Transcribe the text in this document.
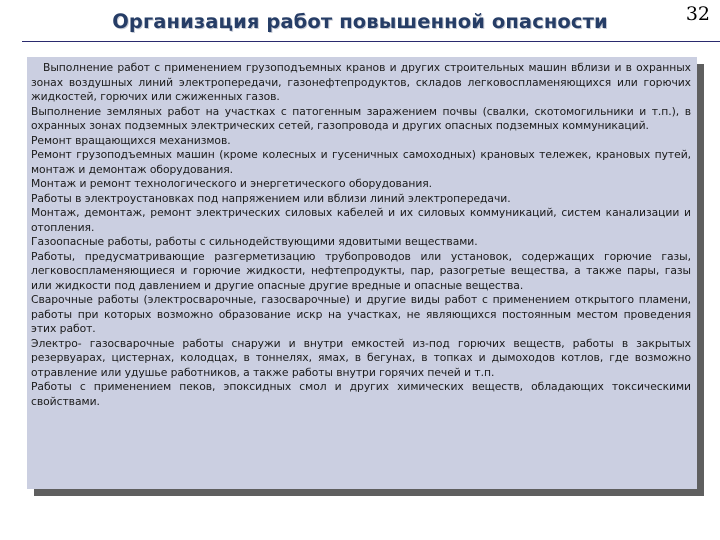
Организация работ повышенной опасности	32

Выполнение работ с применением грузоподъемных кранов и других строительных машин вблизи и в охранных зонах воздушных линий электропередачи, газонефтепродуктов, складов легковоспламеняющихся или горючих жидкостей, горючих или сжиженных газов.

Выполнение земляных работ на участках с патогенным заражением почвы (свалки, скотомогильники и т.п.), в охранных зонах подземных электрических сетей, газопровода и других опасных подземных коммуникаций.

Ремонт вращающихся механизмов.

Ремонт грузоподъемных машин (кроме колесных и гусеничных самоходных) крановых тележек, крановых путей, монтаж и демонтаж оборудования.

Монтаж и ремонт технологического и энергетического оборудования.

Работы в электроустановках под напряжением или вблизи линий электропередачи.

Монтаж, демонтаж, ремонт электрических силовых кабелей и их силовых коммуникаций, систем канализации и отопления.

Газоопасные работы, работы с сильнодействующими ядовитыми веществами.

Работы, предусматривающие разгерметизацию трубопроводов или установок, содержащих горючие газы, легковоспламеняющиеся и горючие жидкости, нефтепродукты, пар, разогретые вещества, а также пары, газы или жидкости под давлением и другие опасные другие вредные и опасные вещества.

Сварочные работы (электросварочные, газосварочные) и другие виды работ с применением открытого пламени, работы при которых возможно образование искр на участках, не являющихся постоянным местом проведения этих работ.

Электро- газосварочные работы снаружи и внутри емкостей из-под горючих веществ, работы в закрытых резервуарах, цистернах, колодцах, в тоннелях, ямах, в бегунах, в топках и дымоходов котлов, где возможно отравление или удушье работников, а также работы внутри горячих печей и т.п.

Работы с применением пеков, эпоксидных смол и других химических веществ, обладающих токсическими свойствами.
